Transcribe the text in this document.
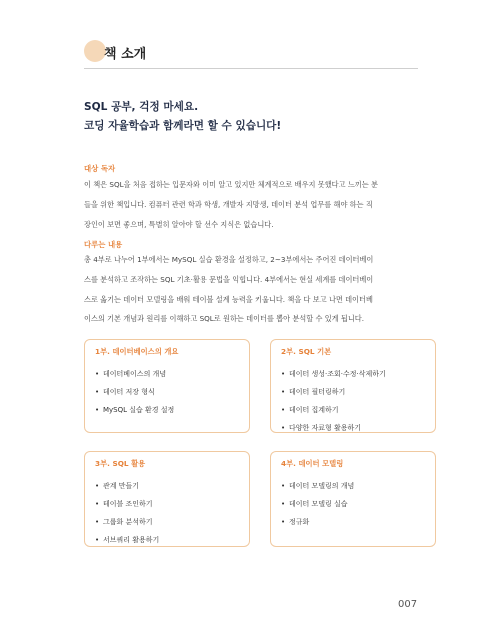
책 소개
SQL 공부, 걱정 마세요.
코딩 자율학습과 함께라면 할 수 있습니다!
대상 독자
이 책은 SQL을 처음 접하는 입문자와 이미 알고 있지만 체계적으로 배우지 못했다고 느끼는 분
들을 위한 책입니다. 컴퓨터 관련 학과 학생, 개발자 지망생, 데이터 분석 업무를 해야 하는 직
장인이 보면 좋으며, 특별히 알아야 할 선수 지식은 없습니다.
다루는 내용
총 4부로 나누어 1부에서는 MySQL 실습 환경을 설정하고, 2~3부에서는 주어진 데이터베이
스를 분석하고 조작하는 SQL 기초·활용 문법을 익힙니다. 4부에서는 현실 세계를 데이터베이
스로 옮기는 데이터 모델링을 배워 테이블 설계 능력을 키웁니다. 책을 다 보고 나면 데이터베
이스의 기본 개념과 원리를 이해하고 SQL로 원하는 데이터를 뽑아 분석할 수 있게 됩니다.
1부. 데이터베이스의 개요
• 데이터베이스의 개념
• 데이터 저장 형식
• MySQL 실습 환경 설정
2부. SQL 기본
• 데이터 생성·조회·수정·삭제하기
• 데이터 필터링하기
• 데이터 집계하기
• 다양한 자료형 활용하기
3부. SQL 활용
• 관계 만들기
• 테이블 조인하기
• 그룹화 분석하기
• 서브쿼리 활용하기
4부. 데이터 모델링
• 데이터 모델링의 개념
• 데이터 모델링 실습
• 정규화
007
